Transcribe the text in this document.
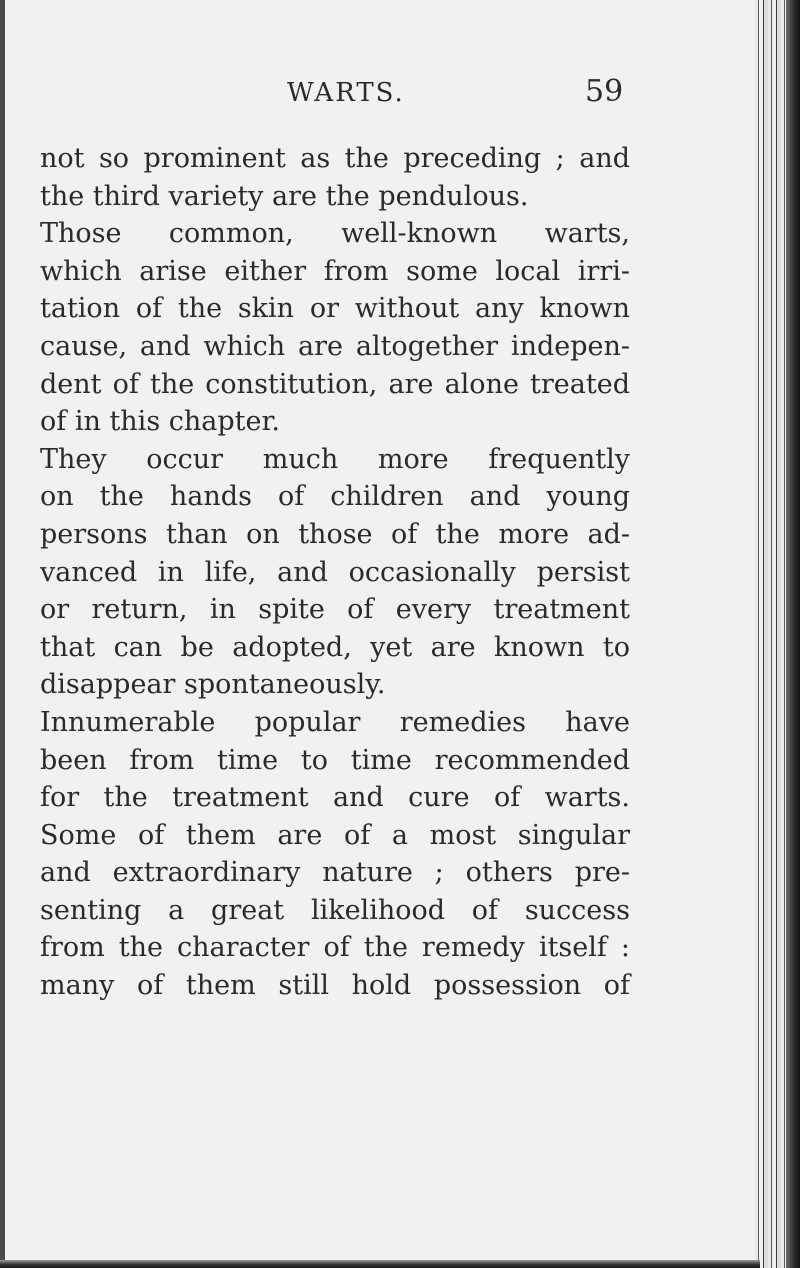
WARTS.	59
not so prominent as the preceding ; and
the third variety are the pendulous.
Those common, well-known warts,
which arise either from some local irri-
tation of the skin or without any known
cause, and which are altogether indepen-
dent of the constitution, are alone treated
of in this chapter.
They occur much more frequently
on the hands of children and young
persons than on those of the more ad-
vanced in life, and occasionally persist
or return, in spite of every treatment
that can be adopted, yet are known to
disappear spontaneously.
Innumerable popular remedies have
been from time to time recommended
for the treatment and cure of warts.
Some of them are of a most singular
and extraordinary nature ; others pre-
senting a great likelihood of success
from the character of the remedy itself :
many of them still hold possession of
